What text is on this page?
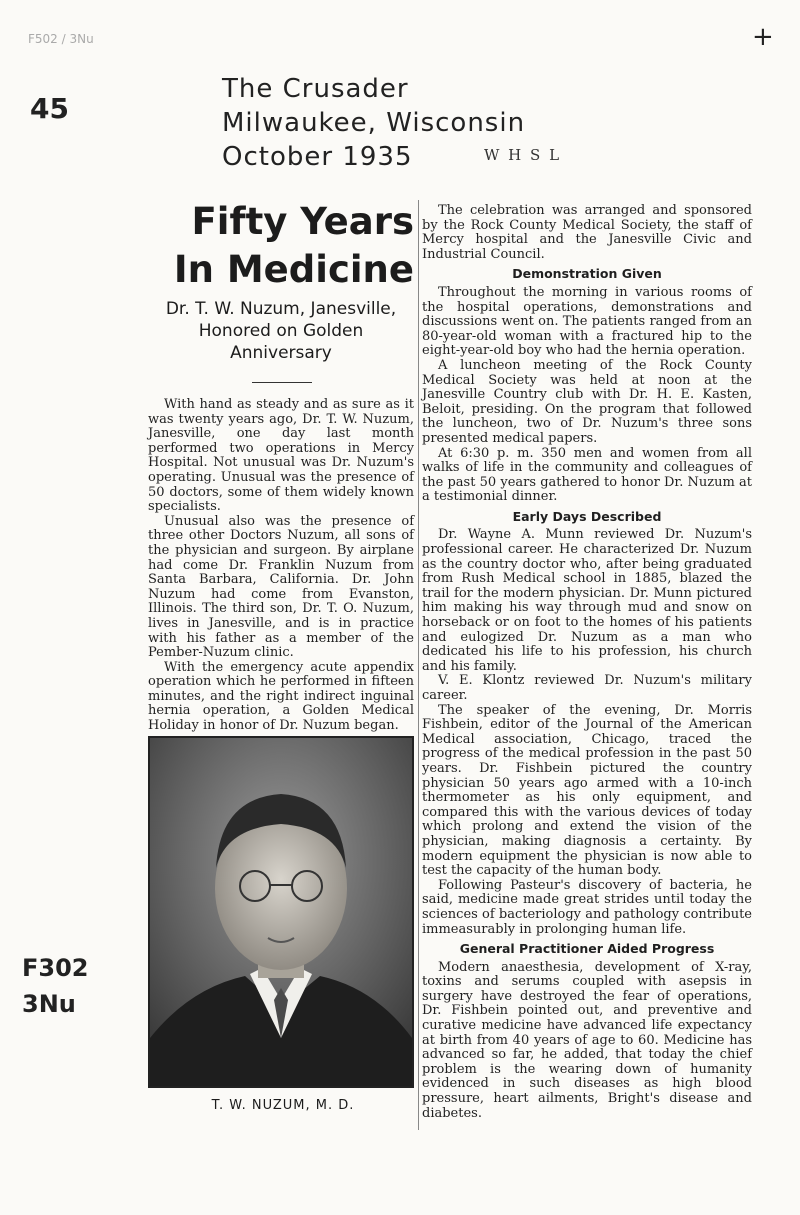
F502 / 3Nu	+
45
The Crusader
Milwaukee, Wisconsin
October 1935	W H S L
F302
3Nu
Fifty Years
In Medicine
Dr. T. W. Nuzum, Janesville, Honored on Golden Anniversary

With hand as steady and as sure as it was twenty years ago, Dr. T. W. Nuzum, Janesville, one day last month performed two operations in Mercy Hospital. Not unusual was Dr. Nuzum's operating. Unusual was the presence of 50 doctors, some of them widely known specialists.

Unusual also was the presence of three other Doctors Nuzum, all sons of the physician and surgeon. By airplane had come Dr. Franklin Nuzum from Santa Barbara, California. Dr. John Nuzum had come from Evanston, Illinois. The third son, Dr. T. O. Nuzum, lives in Janesville, and is in practice with his father as a member of the Pember-Nuzum clinic.

With the emergency acute appendix operation which he performed in fifteen minutes, and the right indirect inguinal hernia operation, a Golden Medical Holiday in honor of Dr. Nuzum began.

T. W. NUZUM, M. D.

The celebration was arranged and sponsored by the Rock County Medical Society, the staff of Mercy hospital and the Janesville Civic and Industrial Council.

Demonstration Given

Throughout the morning in various rooms of the hospital operations, demonstrations and discussions went on. The patients ranged from an 80-year-old woman with a fractured hip to the eight-year-old boy who had the hernia operation.

A luncheon meeting of the Rock County Medical Society was held at noon at the Janesville Country club with Dr. H. E. Kasten, Beloit, presiding. On the program that followed the luncheon, two of Dr. Nuzum's three sons presented medical papers.

At 6:30 p. m. 350 men and women from all walks of life in the community and colleagues of the past 50 years gathered to honor Dr. Nuzum at a testimonial dinner.

Early Days Described

Dr. Wayne A. Munn reviewed Dr. Nuzum's professional career. He characterized Dr. Nuzum as the country doctor who, after being graduated from Rush Medical school in 1885, blazed the trail for the modern physician. Dr. Munn pictured him making his way through mud and snow on horseback or on foot to the homes of his patients and eulogized Dr. Nuzum as a man who dedicated his life to his profession, his church and his family.

V. E. Klontz reviewed Dr. Nuzum's military career.

The speaker of the evening, Dr. Morris Fishbein, editor of the Journal of the American Medical association, Chicago, traced the progress of the medical profession in the past 50 years. Dr. Fishbein pictured the country physician 50 years ago armed with a 10-inch thermometer as his only equipment, and compared this with the various devices of today which prolong and extend the vision of the physician, making diagnosis a certainty. By modern equipment the physician is now able to test the capacity of the human body.

Following Pasteur's discovery of bacteria, he said, medicine made great strides until today the sciences of bacteriology and pathology contribute immeasurably in prolonging human life.

General Practitioner Aided Progress

Modern anaesthesia, development of X-ray, toxins and serums coupled with asepsis in surgery have destroyed the fear of operations, Dr. Fishbein pointed out, and preventive and curative medicine have advanced life expectancy at birth from 40 years of age to 60. Medicine has advanced so far, he added, that today the chief problem is the wearing down of humanity evidenced in such diseases as high blood pressure, heart ailments, Bright's disease and diabetes.
